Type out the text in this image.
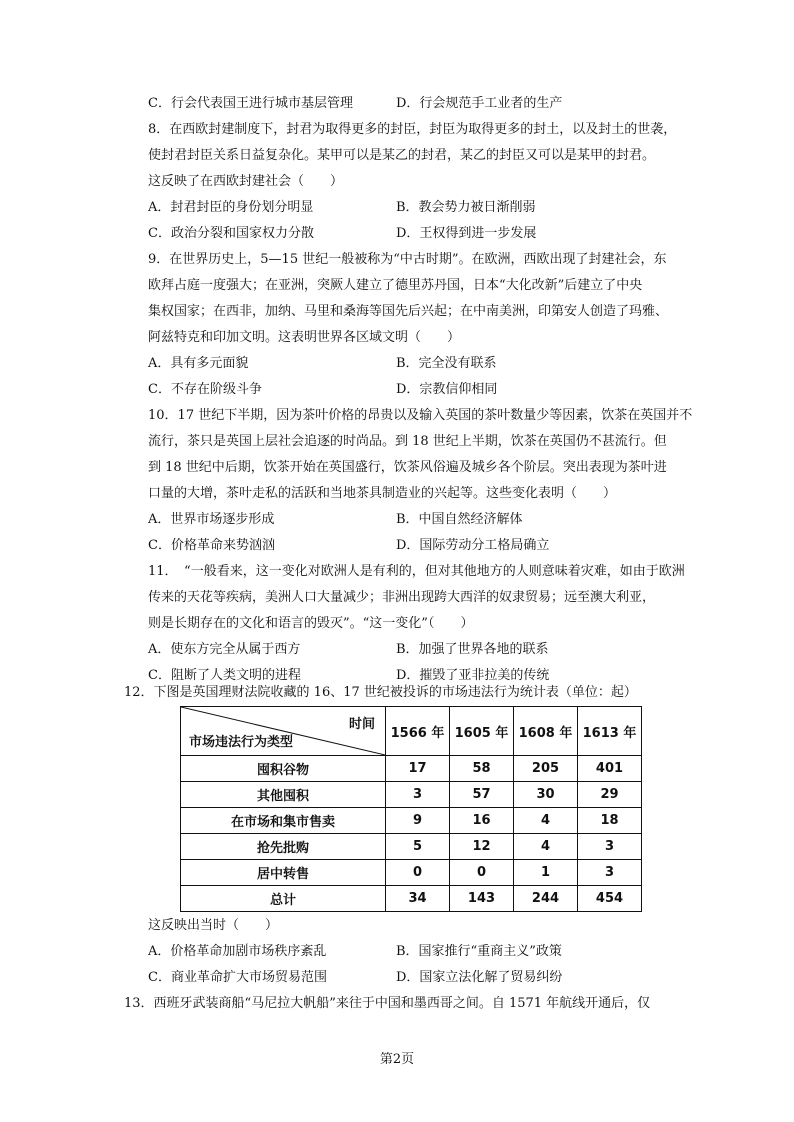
C．行会代表国王进行城市基层管理	D．行会规范手工业者的生产
8．在西欧封建制度下，封君为取得更多的封臣，封臣为取得更多的封土，以及封土的世袭，
使封君封臣关系日益复杂化。某甲可以是某乙的封君，某乙的封臣又可以是某甲的封君。
这反映了在西欧封建社会（　　）
A．封君封臣的身份划分明显	B．教会势力被日渐削弱
C．政治分裂和国家权力分散	D．王权得到进一步发展
9．在世界历史上，5—15 世纪一般被称为“中古时期”。在欧洲，西欧出现了封建社会，东
欧拜占庭一度强大；在亚洲，突厥人建立了德里苏丹国，日本“大化改新”后建立了中央
集权国家；在西非，加纳、马里和桑海等国先后兴起；在中南美洲，印第安人创造了玛雅、
阿兹特克和印加文明。这表明世界各区域文明（　　）
A．具有多元面貌	B．完全没有联系
C．不存在阶级斗争	D．宗教信仰相同
10．17 世纪下半期，因为茶叶价格的昂贵以及输入英国的茶叶数量少等因素，饮茶在英国并不
流行，茶只是英国上层社会追逐的时尚品。到 18 世纪上半期，饮茶在英国仍不甚流行。但
到 18 世纪中后期，饮茶开始在英国盛行，饮茶风俗遍及城乡各个阶层。突出表现为茶叶进
口量的大增，茶叶走私的活跃和当地茶具制造业的兴起等。这些变化表明（　　）
A．世界市场逐步形成	B．中国自然经济解体
C．价格革命来势汹汹	D．国际劳动分工格局确立
11．　“一般看来，这一变化对欧洲人是有利的，但对其他地方的人则意味着灾难，如由于欧洲
传来的天花等疾病，美洲人口大量减少；非洲出现跨大西洋的奴隶贸易；远至澳大利亚，
则是长期存在的文化和语言的毁灭”。“这一变化”（　　）
A．使东方完全从属于西方	B．加强了世界各地的联系
C．阻断了人类文明的进程	D．摧毁了亚非拉美的传统
12．下图是英国理财法院收藏的 16、17 世纪被投诉的市场违法行为统计表（单位：起）
时间
市场违法行为类型	1566 年	1605 年	1608 年	1613 年
囤积谷物	17	58	205	401
其他囤积	3	57	30	29
在市场和集市售卖	9	16	4	18
抢先批购	5	12	4	3
居中转售	0	0	1	3
总计	34	143	244	454
这反映出当时（　　）
A．价格革命加剧市场秩序紊乱	B．国家推行“重商主义”政策
C．商业革命扩大市场贸易范围	D．国家立法化解了贸易纠纷
13．西班牙武装商船“马尼拉大帆船”来往于中国和墨西哥之间。自 1571 年航线开通后，仅
第2页
